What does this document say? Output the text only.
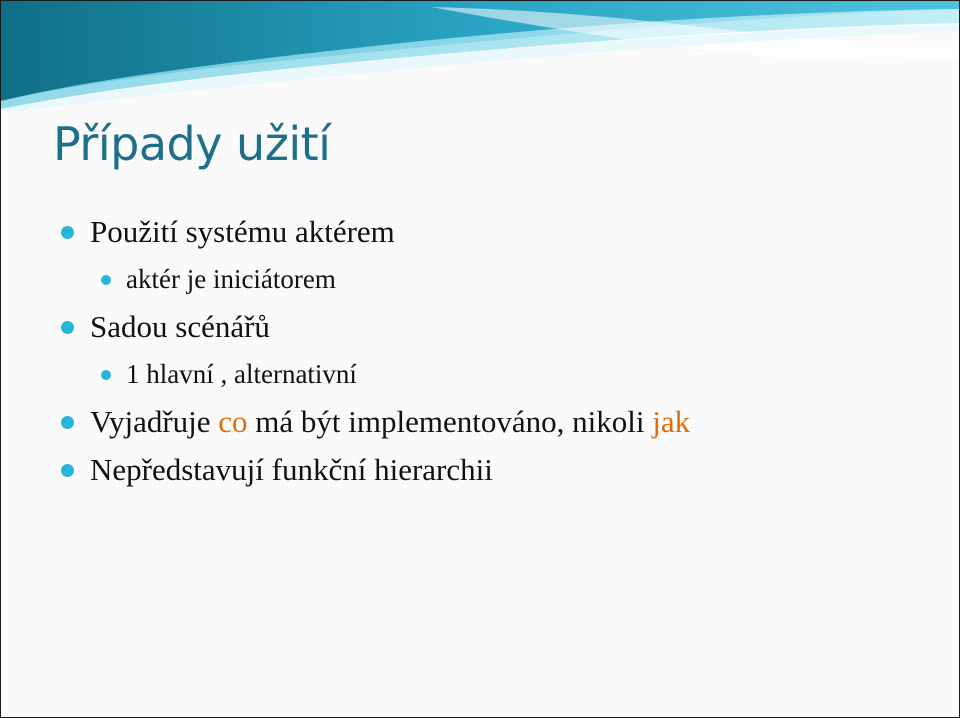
Případy užití
Použití systému aktérem
aktér je iniciátorem
Sadou scénářů
1 hlavní , alternativní
Vyjadřuje co má být implementováno, nikoli jak
Nepředstavují funkční hierarchii
